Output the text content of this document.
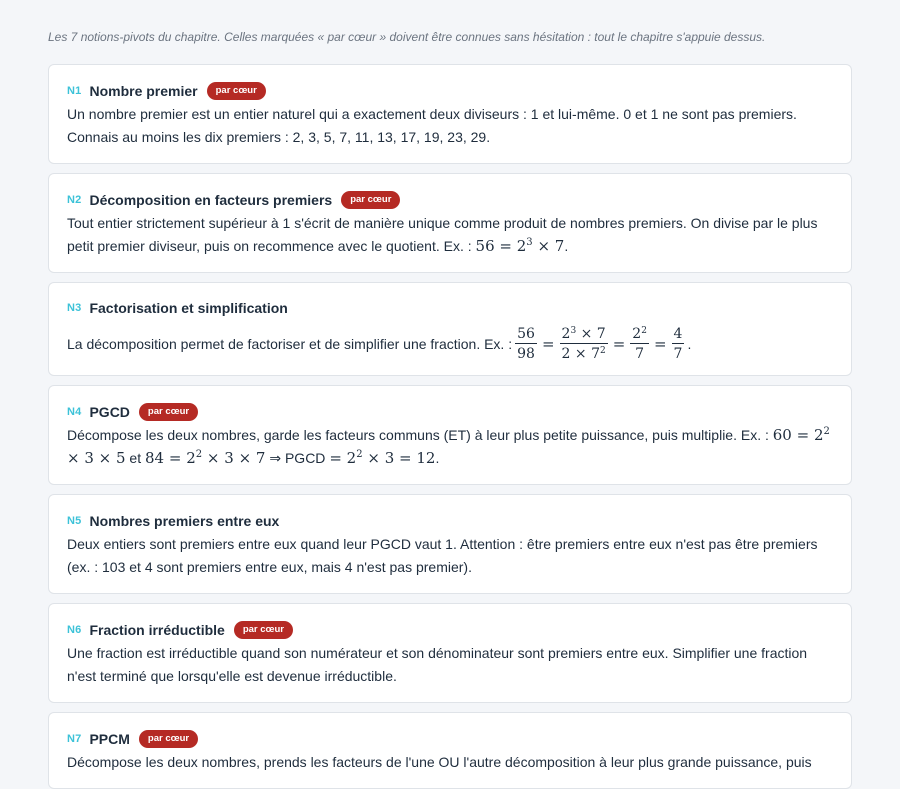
Les 7 notions-pivots du chapitre. Celles marquées « par cœur » doivent être connues sans hésitation : tout le chapitre s'appuie dessus.

N1 Nombre premier	par cœur
Un nombre premier est un entier naturel qui a exactement deux diviseurs : 1 et lui-même. 0 et 1 ne sont pas premiers. Connais au moins les dix premiers : 2, 3, 5, 7, 11, 13, 17, 19, 23, 29.
N2 Décomposition en facteurs premiers	par cœur
Tout entier strictement supérieur à 1 s'écrit de manière unique comme produit de nombres premiers. On divise par le plus petit premier diviseur, puis on recommence avec le quotient. Ex. : $56 = 2^3 \times 7$.
N3 Factorisation et simplification
La décomposition permet de factoriser et de simplifier une fraction. Ex. : $\frac{56}{98} = \frac{2^3 \times 7}{2 \times 7^2} = \frac{2^2}{7} = \frac{4}{7}$ .
N4 PGCD	par cœur
Décompose les deux nombres, garde les facteurs communs (ET) à leur plus petite puissance, puis multiplie. Ex. : $60 = 2^2 \times 3 \times 5$ et $84 = 2^2 \times 3 \times 7$ ⇒ PGCD = $2^2 \times 3 = 12$.
N5 Nombres premiers entre eux
Deux entiers sont premiers entre eux quand leur PGCD vaut 1. Attention : être premiers entre eux n'est pas être premiers (ex. : 103 et 4 sont premiers entre eux, mais 4 n'est pas premier).
N6 Fraction irréductible	par cœur
Une fraction est irréductible quand son numérateur et son dénominateur sont premiers entre eux. Simplifier une fraction n'est terminé que lorsqu'elle est devenue irréductible.
N7 PPCM	par cœur
Décompose les deux nombres, prends les facteurs de l'une OU l'autre décomposition à leur plus grande puissance, puis
